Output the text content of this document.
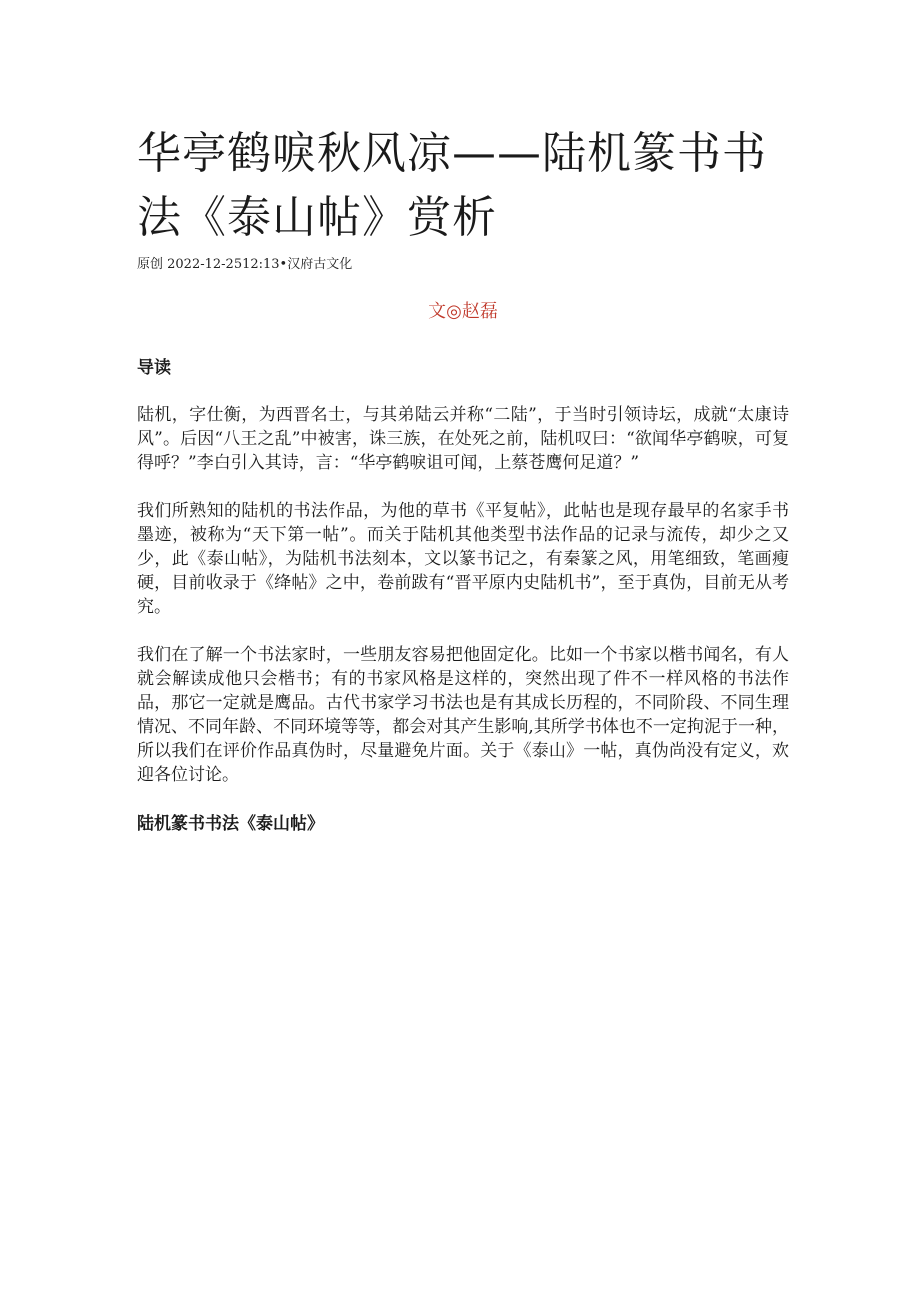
华亭鹤唳秋风凉——陆机篆书书法《泰山帖》赏析
原创 2022-12-2512:13•汉府古文化
文◎赵磊
导读

陆机，字仕衡，为西晋名士，与其弟陆云并称“二陆”，于当时引领诗坛，成就“太康诗风”。后因“八王之乱”中被害，诛三族，在处死之前，陆机叹曰：“欲闻华亭鹤唳，可复得呼？”李白引入其诗，言：“华亭鹤唳诅可闻，上蔡苍鹰何足道？”

我们所熟知的陆机的书法作品，为他的草书《平复帖》，此帖也是现存最早的名家手书墨迹，被称为“天下第一帖”。而关于陆机其他类型书法作品的记录与流传，却少之又少，此《泰山帖》，为陆机书法刻本，文以篆书记之，有秦篆之风，用笔细致，笔画瘦硬，目前收录于《绛帖》之中，卷前跋有“晋平原内史陆机书”，至于真伪，目前无从考究。

我们在了解一个书法家时，一些朋友容易把他固定化。比如一个书家以楷书闻名，有人就会解读成他只会楷书；有的书家风格是这样的，突然出现了件不一样风格的书法作品，那它一定就是鹰品。古代书家学习书法也是有其成长历程的，不同阶段、不同生理情况、不同年龄、不同环境等等，都会对其产生影响,其所学书体也不一定拘泥于一种，所以我们在评价作品真伪时，尽量避免片面。关于《泰山》一帖，真伪尚没有定义，欢迎各位讨论。

陆机篆书书法《泰山帖》
